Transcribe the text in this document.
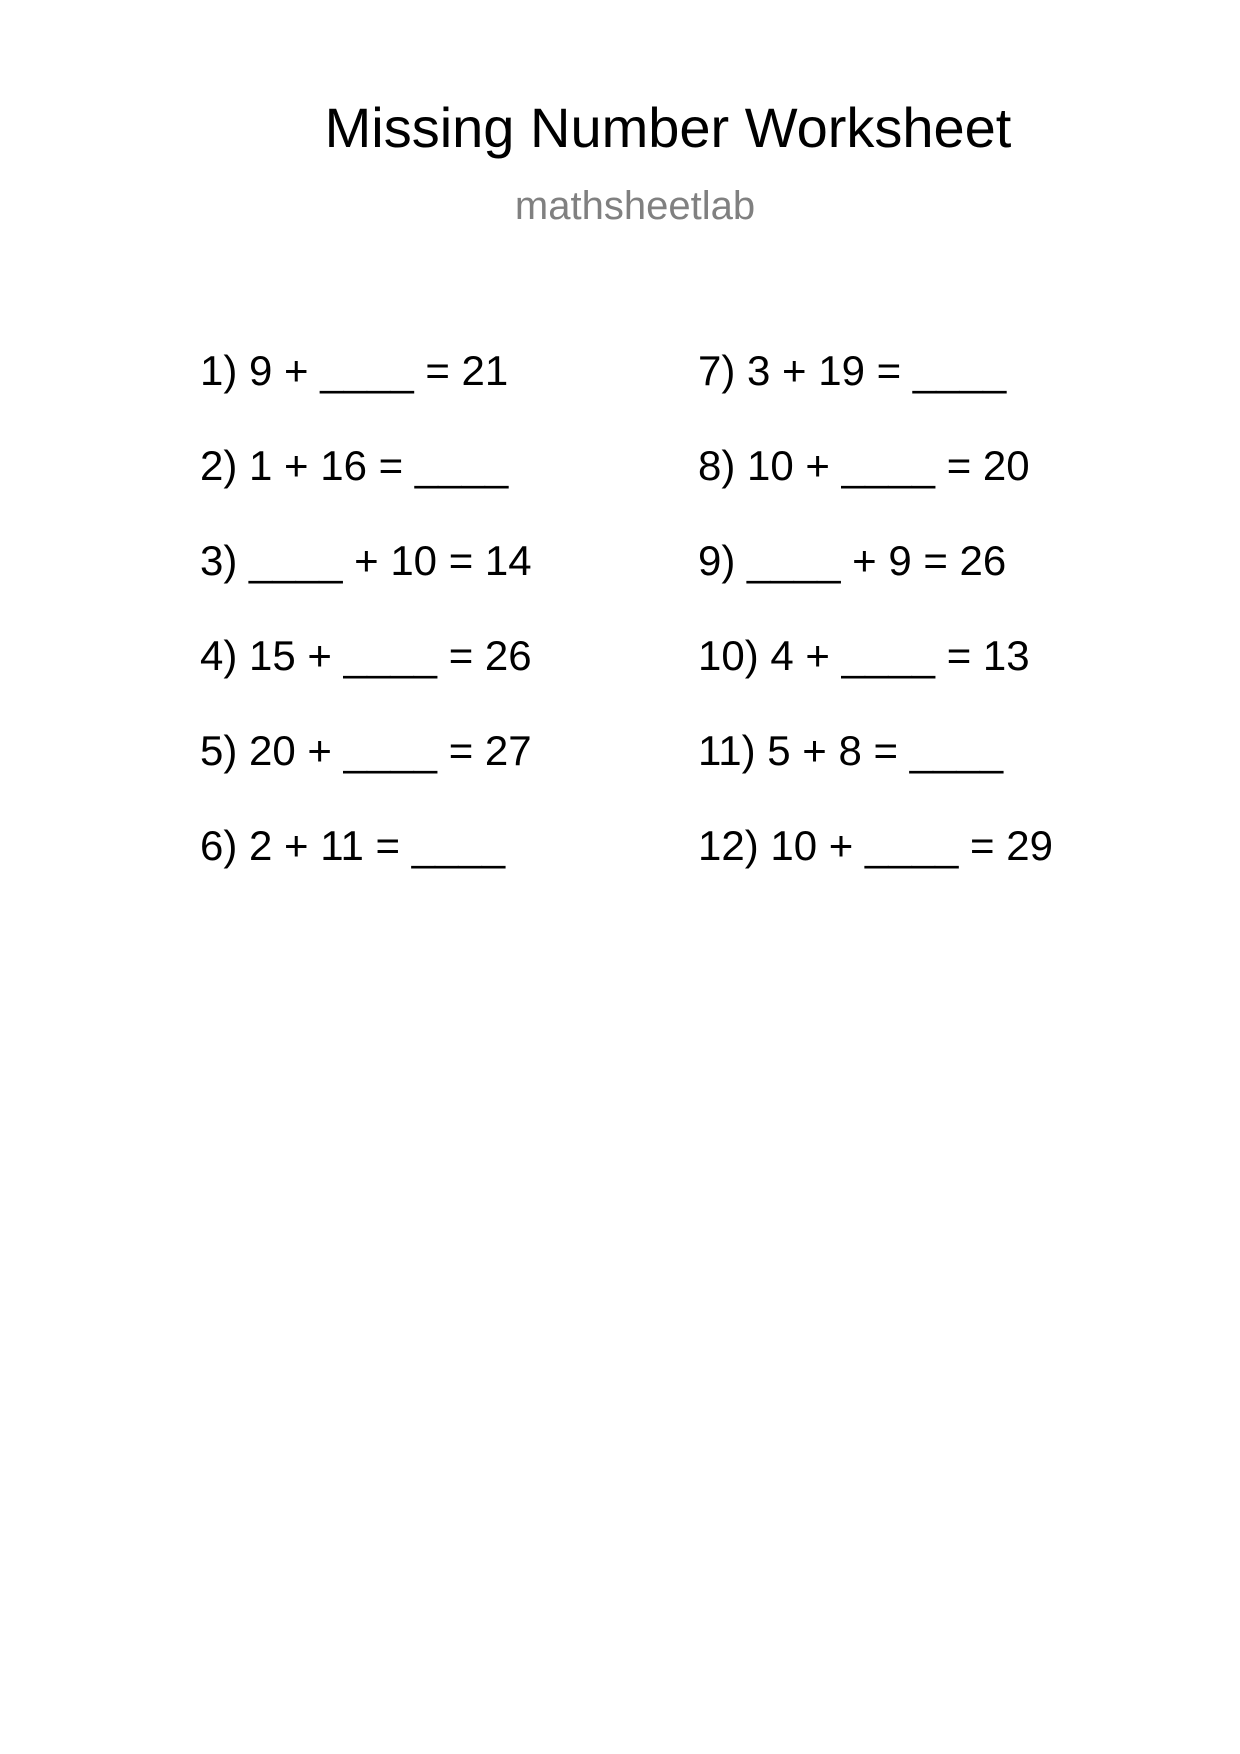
Missing Number Worksheet
mathsheetlab
1) 9 + ____ = 21
2) 1 + 16 = ____
3) ____ + 10 = 14
4) 15 + ____ = 26
5) 20 + ____ = 27
6) 2 + 11 = ____
7) 3 + 19 = ____
8) 10 + ____ = 20
9) ____ + 9 = 26
10) 4 + ____ = 13
11) 5 + 8 = ____
12) 10 + ____ = 29
